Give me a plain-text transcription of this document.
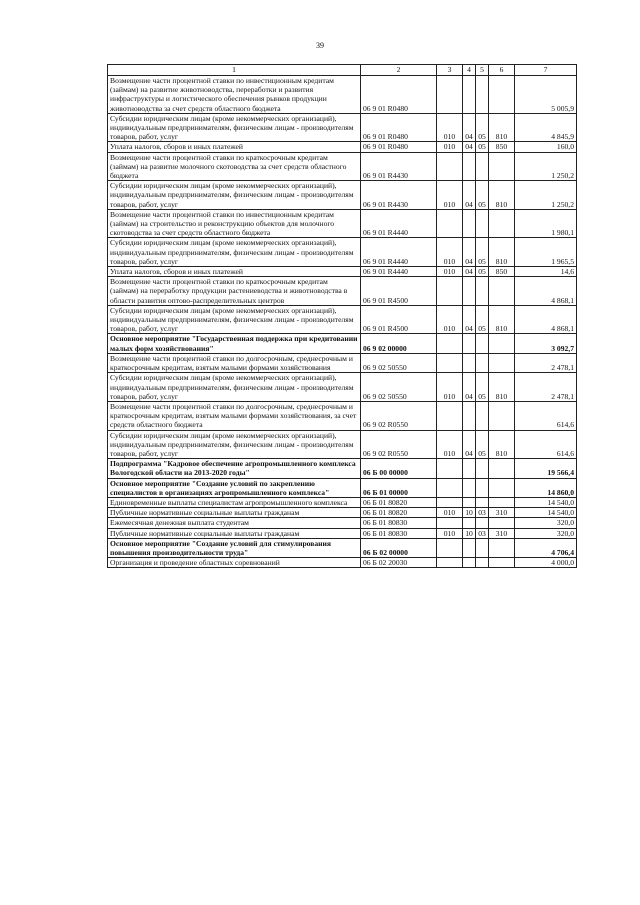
39
1	2	3	4	5	6	7
Возмещение части процентной ставки по инвестиционным кредитам (займам) на развитие животноводства, переработки и развития инфраструктуры и логистического обеспечения рынков продукции животноводства за счет средств областного бюджета	06 9 01 R0480					5 005,9
Субсидии юридическим лицам (кроме некоммерческих организаций), индивидуальным предпринимателям, физическим лицам - производителям товаров, работ, услуг	06 9 01 R0480	010	04	05	810	4 845,9
Уплата налогов, сборов и иных платежей	06 9 01 R0480	010	04	05	850	160,0
Возмещение части процентной ставки по краткосрочным кредитам (займам) на развитие молочного скотоводства за счет средств областного бюджета	06 9 01 R4430					1 250,2
Субсидии юридическим лицам (кроме некоммерческих организаций), индивидуальным предпринимателям, физическим лицам - производителям товаров, работ, услуг	06 9 01 R4430	010	04	05	810	1 250,2
Возмещение части процентной ставки по инвестиционным кредитам (займам) на строительство и реконструкцию объектов для молочного скотоводства за счет средств областного бюджета	06 9 01 R4440					1 980,1
Субсидии юридическим лицам (кроме некоммерческих организаций), индивидуальным предпринимателям, физическим лицам - производителям товаров, работ, услуг	06 9 01 R4440	010	04	05	810	1 965,5
Уплата налогов, сборов и иных платежей	06 9 01 R4440	010	04	05	850	14,6
Возмещение части процентной ставки по краткосрочным кредитам (займам) на переработку продукции растениеводства и животноводства в области развития оптово-распределительных центров	06 9 01 R4500					4 868,1
Субсидии юридическим лицам (кроме некоммерческих организаций), индивидуальным предпринимателям, физическим лицам - производителям товаров, работ, услуг	06 9 01 R4500	010	04	05	810	4 868,1
Основное мероприятие "Государственная поддержка при кредитовании малых форм хозяйствования"	06 9 02 00000					3 092,7
Возмещение части процентной ставки по долгосрочным, среднесрочным и краткосрочным кредитам, взятым малыми формами хозяйствования	06 9 02 50550					2 478,1
Субсидии юридическим лицам (кроме некоммерческих организаций), индивидуальным предпринимателям, физическим лицам - производителям товаров, работ, услуг	06 9 02 50550	010	04	05	810	2 478,1
Возмещение части процентной ставки по долгосрочным, среднесрочным и краткосрочным кредитам, взятым малыми формами хозяйствования, за счет средств областного бюджета	06 9 02 R0550					614,6
Субсидии юридическим лицам (кроме некоммерческих организаций), индивидуальным предпринимателям, физическим лицам - производителям товаров, работ, услуг	06 9 02 R0550	010	04	05	810	614,6
Подпрограмма "Кадровое обеспечение агропромышленного комплекса Вологодской области на 2013-2020 годы"	06 Б 00 00000					19 566,4
Основное мероприятие "Создание условий по закреплению специалистов в организациях агропромышленного комплекса"	06 Б 01 00000					14 860,0
Единовременные выплаты специалистам агропромышленного комплекса	06 Б 01 80820					14 540,0
Публичные нормативные социальные выплаты гражданам	06 Б 01 80820	010	10	03	310	14 540,0
Ежемесячная денежная выплата студентам	06 Б 01 80830					320,0
Публичные нормативные социальные выплаты гражданам	06 Б 01 80830	010	10	03	310	320,0
Основное мероприятие "Создание условий для стимулирования повышения производительности труда"	06 Б 02 00000					4 706,4
Организация и проведение областных соревнований	06 Б 02 20030					4 000,0
